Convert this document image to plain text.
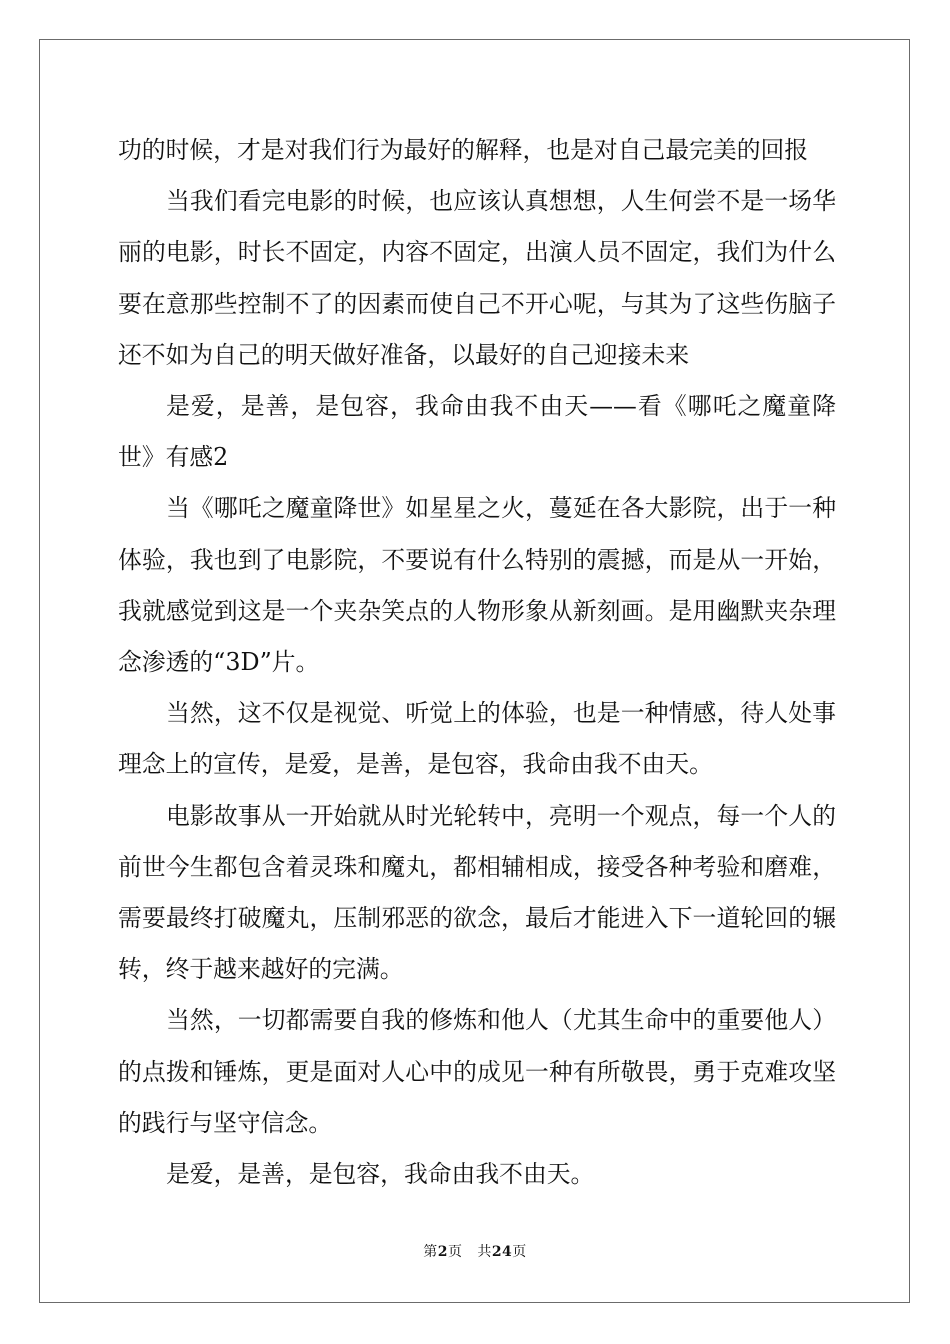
功的时候，才是对我们行为最好的解释，也是对自己最完美的回报

当我们看完电影的时候，也应该认真想想，人生何尝不是一场华丽的电影，时长不固定，内容不固定，出演人员不固定，我们为什么要在意那些控制不了的因素而使自己不开心呢，与其为了这些伤脑子还不如为自己的明天做好准备，以最好的自己迎接未来

是爱，是善，是包容，我命由我不由天——看《哪吒之魔童降世》有感2

当《哪吒之魔童降世》如星星之火，蔓延在各大影院，出于一种体验，我也到了电影院，不要说有什么特别的震撼，而是从一开始，我就感觉到这是一个夹杂笑点的人物形象从新刻画。是用幽默夹杂理念渗透的“3D”片。

当然，这不仅是视觉、听觉上的体验，也是一种情感，待人处事理念上的宣传，是爱，是善，是包容，我命由我不由天。

电影故事从一开始就从时光轮转中，亮明一个观点，每一个人的前世今生都包含着灵珠和魔丸，都相辅相成，接受各种考验和磨难，需要最终打破魔丸，压制邪恶的欲念，最后才能进入下一道轮回的辗转，终于越来越好的完满。

当然，一切都需要自我的修炼和他人（尤其生命中的重要他人）的点拨和锤炼，更是面对人心中的成见一种有所敬畏，勇于克难攻坚的践行与坚守信念。

是爱，是善，是包容，我命由我不由天。

第2页 共24页
